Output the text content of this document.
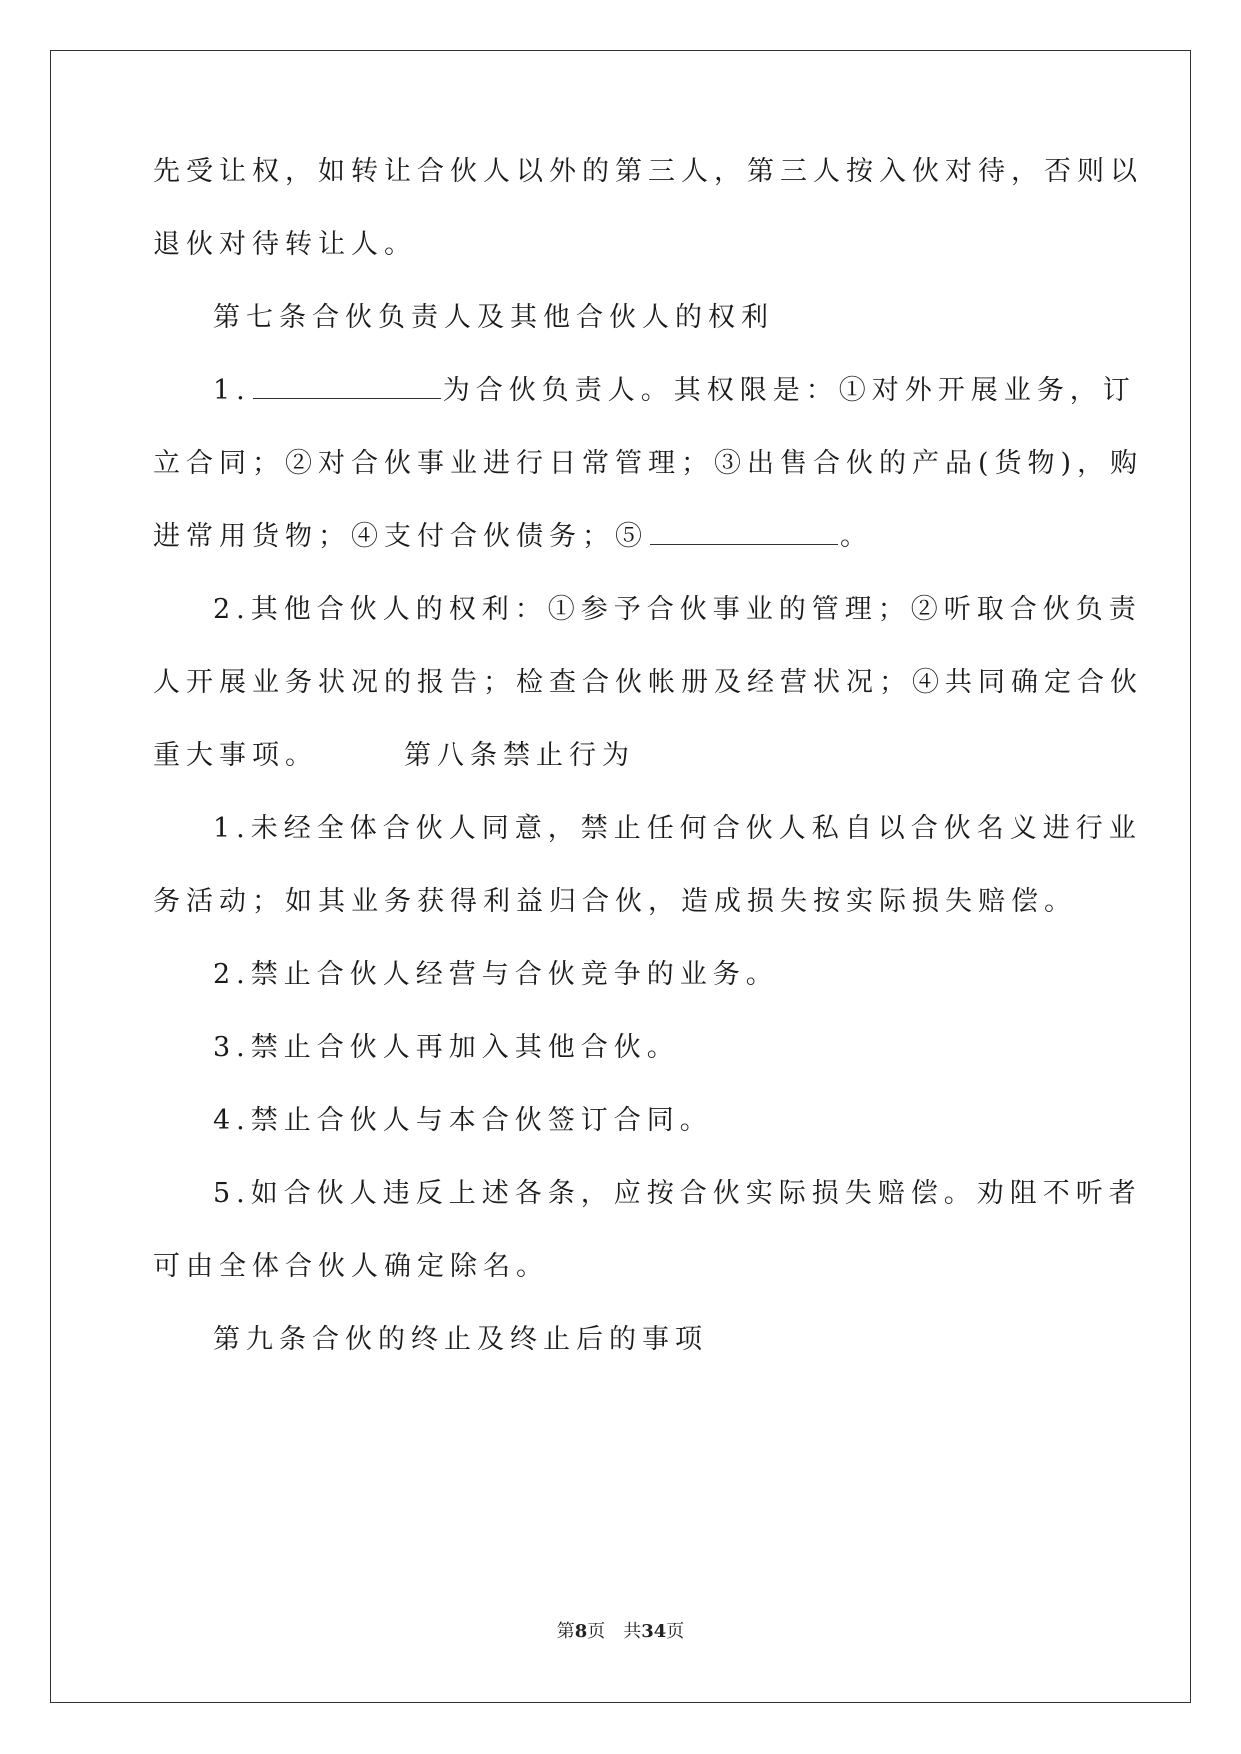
先受让权，如转让合伙人以外的第三人，第三人按入伙对待，否则以
退伙对待转让人。
第七条合伙负责人及其他合伙人的权利
1.	为合伙负责人。其权限是：①对外开展业务，订
立合同；②对合伙事业进行日常管理；③出售合伙的产品(货物)，购
进常用货物；④支付合伙债务；⑤	。
2.其他合伙人的权利：①参予合伙事业的管理；②听取合伙负责
人开展业务状况的报告；检查合伙帐册及经营状况；④共同确定合伙
重大事项。	第八条禁止行为
1.未经全体合伙人同意，禁止任何合伙人私自以合伙名义进行业
务活动；如其业务获得利益归合伙，造成损失按实际损失赔偿。
2.禁止合伙人经营与合伙竞争的业务。
3.禁止合伙人再加入其他合伙。
4.禁止合伙人与本合伙签订合同。
5.如合伙人违反上述各条，应按合伙实际损失赔偿。劝阻不听者
可由全体合伙人确定除名。
第九条合伙的终止及终止后的事项
第8页　共34页
